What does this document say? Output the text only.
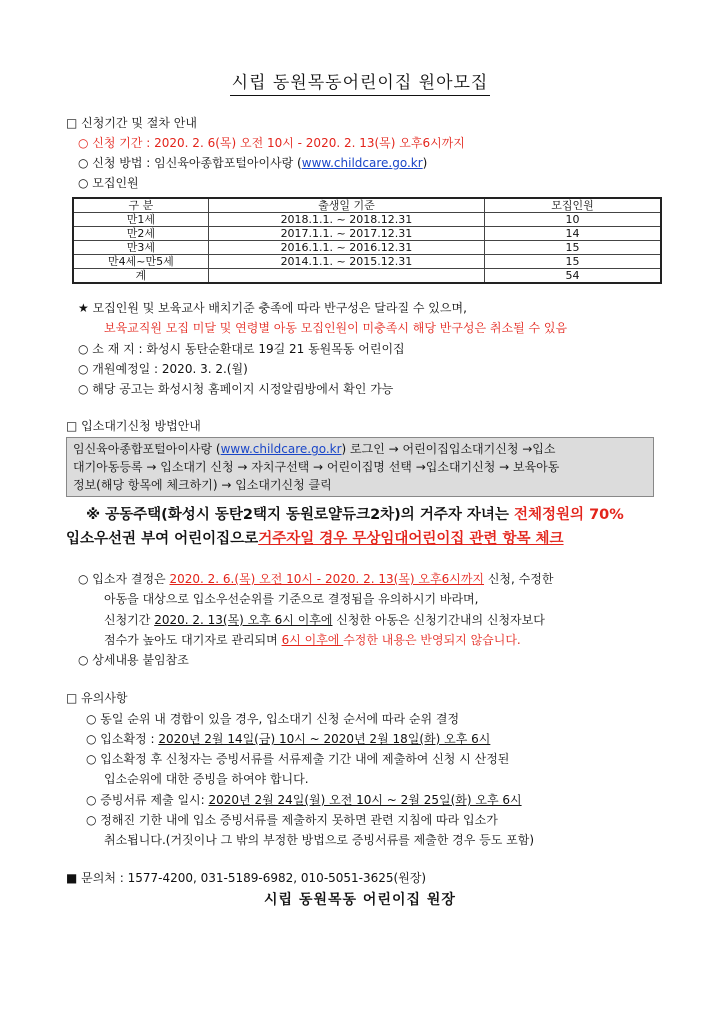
시립 동원목동어린이집 원아모집
□ 신청기간 및 절차 안내
○ 신청 기간 : 2020. 2. 6(목) 오전 10시 - 2020. 2. 13(목) 오후6시까지
○ 신청 방법 : 임신육아종합포털아이사랑 (www.childcare.go.kr)
○ 모집인원
구 분	출생일 기준	모집인원
만1세	2018.1.1. ~ 2018.12.31	10
만2세	2017.1.1. ~ 2017.12.31	14
만3세	2016.1.1. ~ 2016.12.31	15
만4세~만5세	2014.1.1. ~ 2015.12.31	15
계		54
★ 모집인원 및 보육교사 배치기준 충족에 따라 반구성은 달라질 수 있으며,
보육교직원 모집 미달 및 연령별 아동 모집인원이 미충족시 해당 반구성은 취소될 수 있음
○ 소 재 지 : 화성시 동탄순환대로 19길 21 동원목동 어린이집
○ 개원예정일 : 2020. 3. 2.(월)
○ 해당 공고는 화성시청 홈페이지 시정알림방에서 확인 가능
□ 입소대기신청 방법안내
임신육아종합포털아이사랑 (www.childcare.go.kr) 로그인 → 어린이집입소대기신청 →입소
대기아동등록 → 입소대기 신청 → 자치구선택 → 어린이집명 선택 →입소대기신청 → 보육아동
정보(해당 항목에 체크하기) → 입소대기신청 클릭
※ 공동주택(화성시 동탄2택지 동원로얄듀크2차)의 거주자 자녀는 전체정원의 70%
입소우선권 부여 어린이집으로거주자일 경우 무상임대어린이집 관련 항목 체크
○ 입소자 결정은 2020. 2. 6.(목) 오전 10시 - 2020. 2. 13(목) 오후6시까지 신청, 수정한
아동을 대상으로 입소우선순위를 기준으로 결정됨을 유의하시기 바라며,
신청기간 2020. 2. 13(목) 오후 6시 이후에 신청한 아동은 신청기간내의 신청자보다
점수가 높아도 대기자로 관리되며 6시 이후에 수정한 내용은 반영되지 않습니다.
○ 상세내용 붙임참조
□ 유의사항
○ 동일 순위 내 경합이 있을 경우, 입소대기 신청 순서에 따라 순위 결정
○ 입소확정 : 2020년 2월 14일(금) 10시 ~ 2020년 2월 18일(화) 오후 6시
○ 입소확정 후 신청자는 증빙서류를 서류제출 기간 내에 제출하여 신청 시 산정된
입소순위에 대한 증빙을 하여야 합니다.
○ 증빙서류 제출 일시: 2020년 2월 24일(월) 오전 10시 ~ 2월 25일(화) 오후 6시
○ 정해진 기한 내에 입소 증빙서류를 제출하지 못하면 관련 지침에 따라 입소가
취소됩니다.(거짓이나 그 밖의 부정한 방법으로 증빙서류를 제출한 경우 등도 포함)
■ 문의처 : 1577-4200, 031-5189-6982, 010-5051-3625(원장)
시립 동원목동 어린이집 원장
